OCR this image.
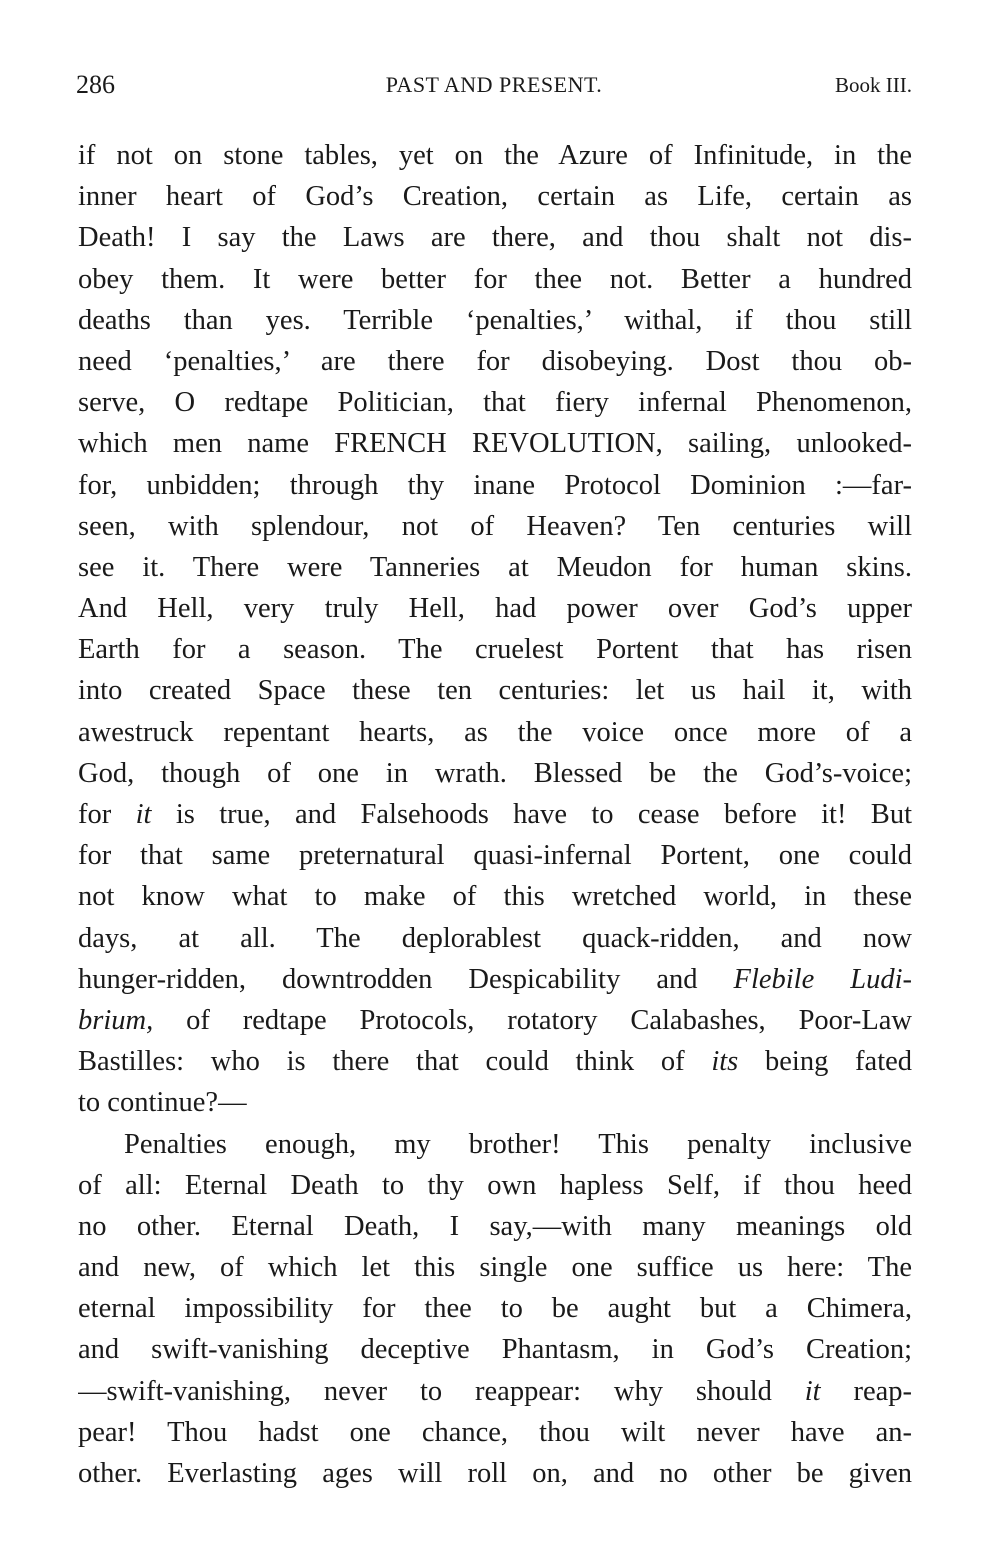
286	PAST AND PRESENT.	Book III.
if not on stone tables, yet on the Azure of Infinitude, in the
inner heart of God’s Creation, certain as Life, certain as
Death! I say the Laws are there, and thou shalt not dis-
obey them. It were better for thee not. Better a hundred
deaths than yes. Terrible ‘penalties,’ withal, if thou still
need ‘penalties,’ are there for disobeying. Dost thou ob-
serve, O redtape Politician, that fiery infernal Phenomenon,
which men name FRENCH REVOLUTION, sailing, unlooked-
for, unbidden; through thy inane Protocol Dominion :—far-
seen, with splendour, not of Heaven? Ten centuries will
see it. There were Tanneries at Meudon for human skins.
And Hell, very truly Hell, had power over God’s upper
Earth for a season. The cruelest Portent that has risen
into created Space these ten centuries: let us hail it, with
awestruck repentant hearts, as the voice once more of a
God, though of one in wrath. Blessed be the God’s-voice;
for it is true, and Falsehoods have to cease before it! But
for that same preternatural quasi-infernal Portent, one could
not know what to make of this wretched world, in these
days, at all. The deplorablest quack-ridden, and now
hunger-ridden, downtrodden Despicability and Flebile Ludi-
brium, of redtape Protocols, rotatory Calabashes, Poor-Law
Bastilles: who is there that could think of its being fated
to continue?—
Penalties enough, my brother! This penalty inclusive
of all: Eternal Death to thy own hapless Self, if thou heed
no other. Eternal Death, I say,—with many meanings old
and new, of which let this single one suffice us here: The
eternal impossibility for thee to be aught but a Chimera,
and swift-vanishing deceptive Phantasm, in God’s Creation;
—swift-vanishing, never to reappear: why should it reap-
pear! Thou hadst one chance, thou wilt never have an-
other. Everlasting ages will roll on, and no other be given
